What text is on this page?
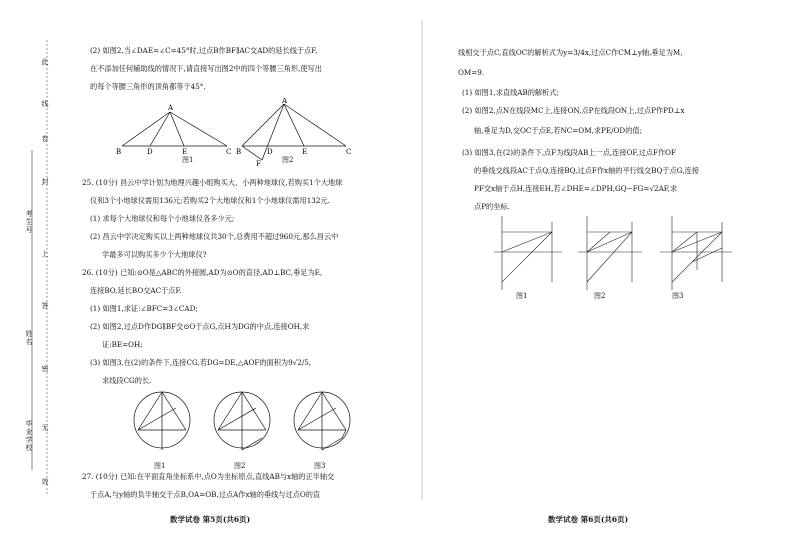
此
线
卷
封
上
答
密
无
效
考生号
姓名
毕业学校
(2) 如图2,当∠DAE=∠C=45°时,过点B作BF∥AC交AD的延长线于点F,
在不添加任何辅助线的情况下,请直接写出图2中的四个等腰三角形,使写出
的每个等腰三角形的顶角都等于45°.
A
B	D	E	C
A
B	D	E	C
F
图1	图2
25. (10分) 昌云中学计划为地理兴趣小组购买大、小两种地球仪,若购买1个大地球
仪和3个小地球仪需用136元;若购买2个大地球仪和1个小地球仪需用132元.
(1) 求每个大地球仪和每个小地球仪各多少元;
(2) 昌云中学决定购买以上两种地球仪共30个,总费用不超过960元,那么昌云中
学最多可以购买多少个大地球仪?
26. (10分) 已知:⊙O是△ABC的外接圆,AD为⊙O的直径,AD⊥BC,垂足为E,
连接BO,延长BO交AC于点F.
(1) 如图1,求证:∠BFC=3∠CAD;
(2) 如图2,过点D作DG∥BF交⊙O于点G,点H为DG的中点,连接OH,求
证:BE=OH;
(3) 如图3,在(2)的条件下,连接CG,若DG=DE,△AOF的面积为9√2/5,
求线段CG的长.
图1	图2	图3
27. (10分) 已知:在平面直角坐标系中,点O为坐标原点,直线AB与x轴的正半轴交
于点A,与y轴的负半轴交于点B,OA=OB,过点A作x轴的垂线与过点O的直
数学试卷 第5页(共6页)
线相交于点C,直线OC的解析式为y=3/4x,过点C作CM⊥y轴,垂足为M,
OM=9.
(1) 如图1,求直线AB的解析式;
(2) 如图2,点N在线段MC上,连接ON,点P在线段ON上,过点P作PD⊥x
轴,垂足为D,交OC于点E,若NC=OM,求PE/OD的值;
(3) 如图3,在(2)的条件下,点F为线段AB上一点,连接OF,过点F作OF
的垂线交线段AC于点Q,连接BQ,过点F作x轴的平行线交BQ于点G,连接
PF交x轴于点H,连接EH,若∠DHE=∠DPH,GQ−FG=√2AF,求
点P的坐标.
图1	图2	图3
数学试卷 第6页(共6页)
